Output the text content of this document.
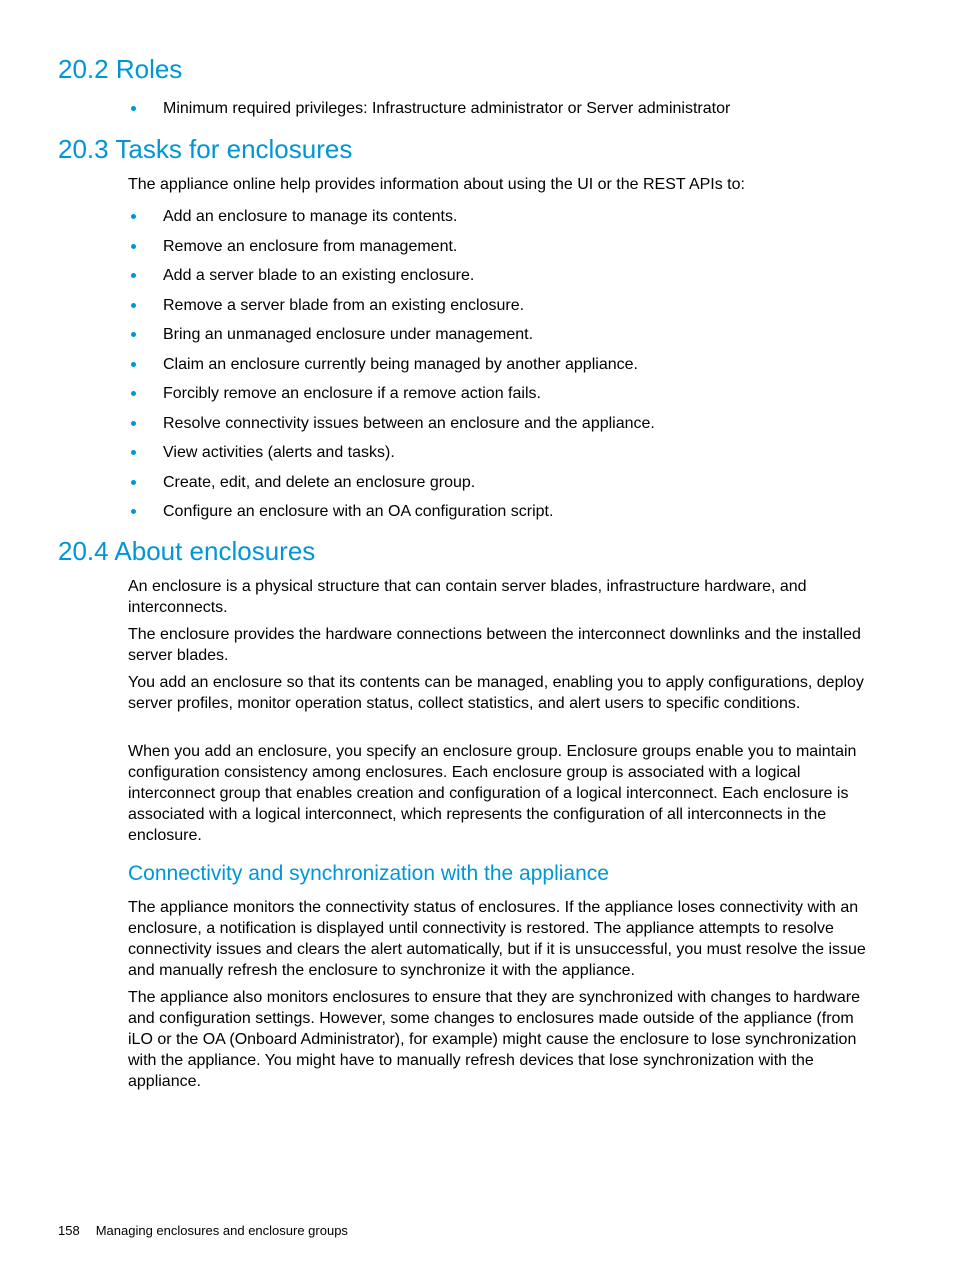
20.2 Roles
Minimum required privileges: Infrastructure administrator or Server administrator
20.3 Tasks for enclosures

The appliance online help provides information about using the UI or the REST APIs to:

Add an enclosure to manage its contents.
Remove an enclosure from management.
Add a server blade to an existing enclosure.
Remove a server blade from an existing enclosure.
Bring an unmanaged enclosure under management.
Claim an enclosure currently being managed by another appliance.
Forcibly remove an enclosure if a remove action fails.
Resolve connectivity issues between an enclosure and the appliance.
View activities (alerts and tasks).
Create, edit, and delete an enclosure group.
Configure an enclosure with an OA configuration script.
20.4 About enclosures

An enclosure is a physical structure that can contain server blades, infrastructure hardware, and interconnects.

The enclosure provides the hardware connections between the interconnect downlinks and the installed server blades.

You add an enclosure so that its contents can be managed, enabling you to apply configurations, deploy server profiles, monitor operation status, collect statistics, and alert users to specific conditions.

When you add an enclosure, you specify an enclosure group. Enclosure groups enable you to maintain configuration consistency among enclosures. Each enclosure group is associated with a logical interconnect group that enables creation and configuration of a logical interconnect. Each enclosure is associated with a logical interconnect, which represents the configuration of all interconnects in the enclosure.

Connectivity and synchronization with the appliance

The appliance monitors the connectivity status of enclosures. If the appliance loses connectivity with an enclosure, a notification is displayed until connectivity is restored. The appliance attempts to resolve connectivity issues and clears the alert automatically, but if it is unsuccessful, you must resolve the issue and manually refresh the enclosure to synchronize it with the appliance.

The appliance also monitors enclosures to ensure that they are synchronized with changes to hardware and configuration settings. However, some changes to enclosures made outside of the appliance (from iLO or the OA (Onboard Administrator), for example) might cause the enclosure to lose synchronization with the appliance. You might have to manually refresh devices that lose synchronization with the appliance.

158 Managing enclosures and enclosure groups
